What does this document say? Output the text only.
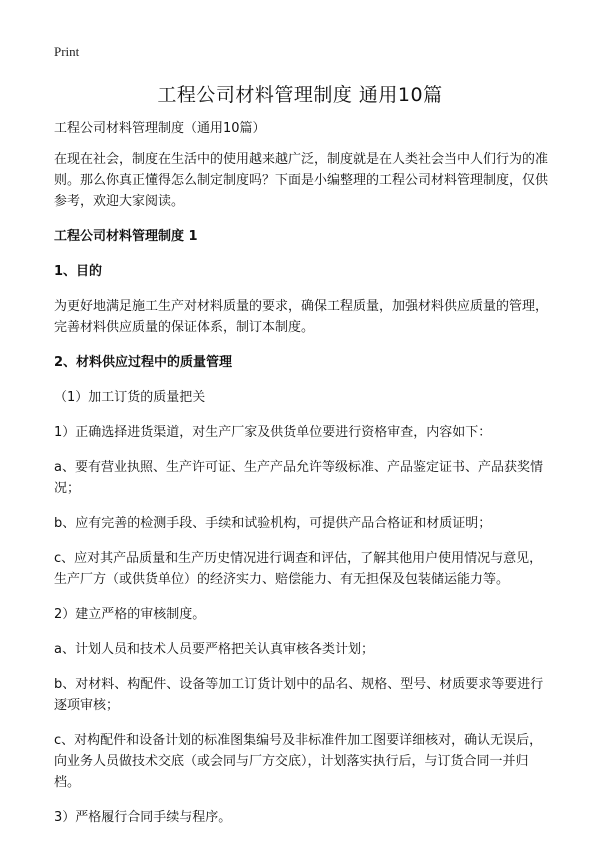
Print
工程公司材料管理制度 通用10篇
工程公司材料管理制度（通用10篇）
在现在社会，制度在生活中的使用越来越广泛，制度就是在人类社会当中人们行为的准则。那么你真正懂得怎么制定制度吗？下面是小编整理的工程公司材料管理制度，仅供参考，欢迎大家阅读。
工程公司材料管理制度 1
1、目的
为更好地满足施工生产对材料质量的要求，确保工程质量，加强材料供应质量的管理，完善材料供应质量的保证体系，制订本制度。
2、材料供应过程中的质量管理
（1）加工订货的质量把关
1）正确选择进货渠道，对生产厂家及供货单位要进行资格审查，内容如下：
a、要有营业执照、生产许可证、生产产品允许等级标准、产品鉴定证书、产品获奖情况；
b、应有完善的检测手段、手续和试验机构，可提供产品合格证和材质证明；
c、应对其产品质量和生产历史情况进行调查和评估，了解其他用户使用情况与意见，生产厂方（或供货单位）的经济实力、赔偿能力、有无担保及包装储运能力等。
2）建立严格的审核制度。
a、计划人员和技术人员要严格把关认真审核各类计划；
b、对材料、构配件、设备等加工订货计划中的品名、规格、型号、材质要求等要进行逐项审核；
c、对构配件和设备计划的标准图集编号及非标准件加工图要详细核对，确认无误后，向业务人员做技术交底（或会同与厂方交底），计划落实执行后，与订货合同一并归档。
3）严格履行合同手续与程序。
